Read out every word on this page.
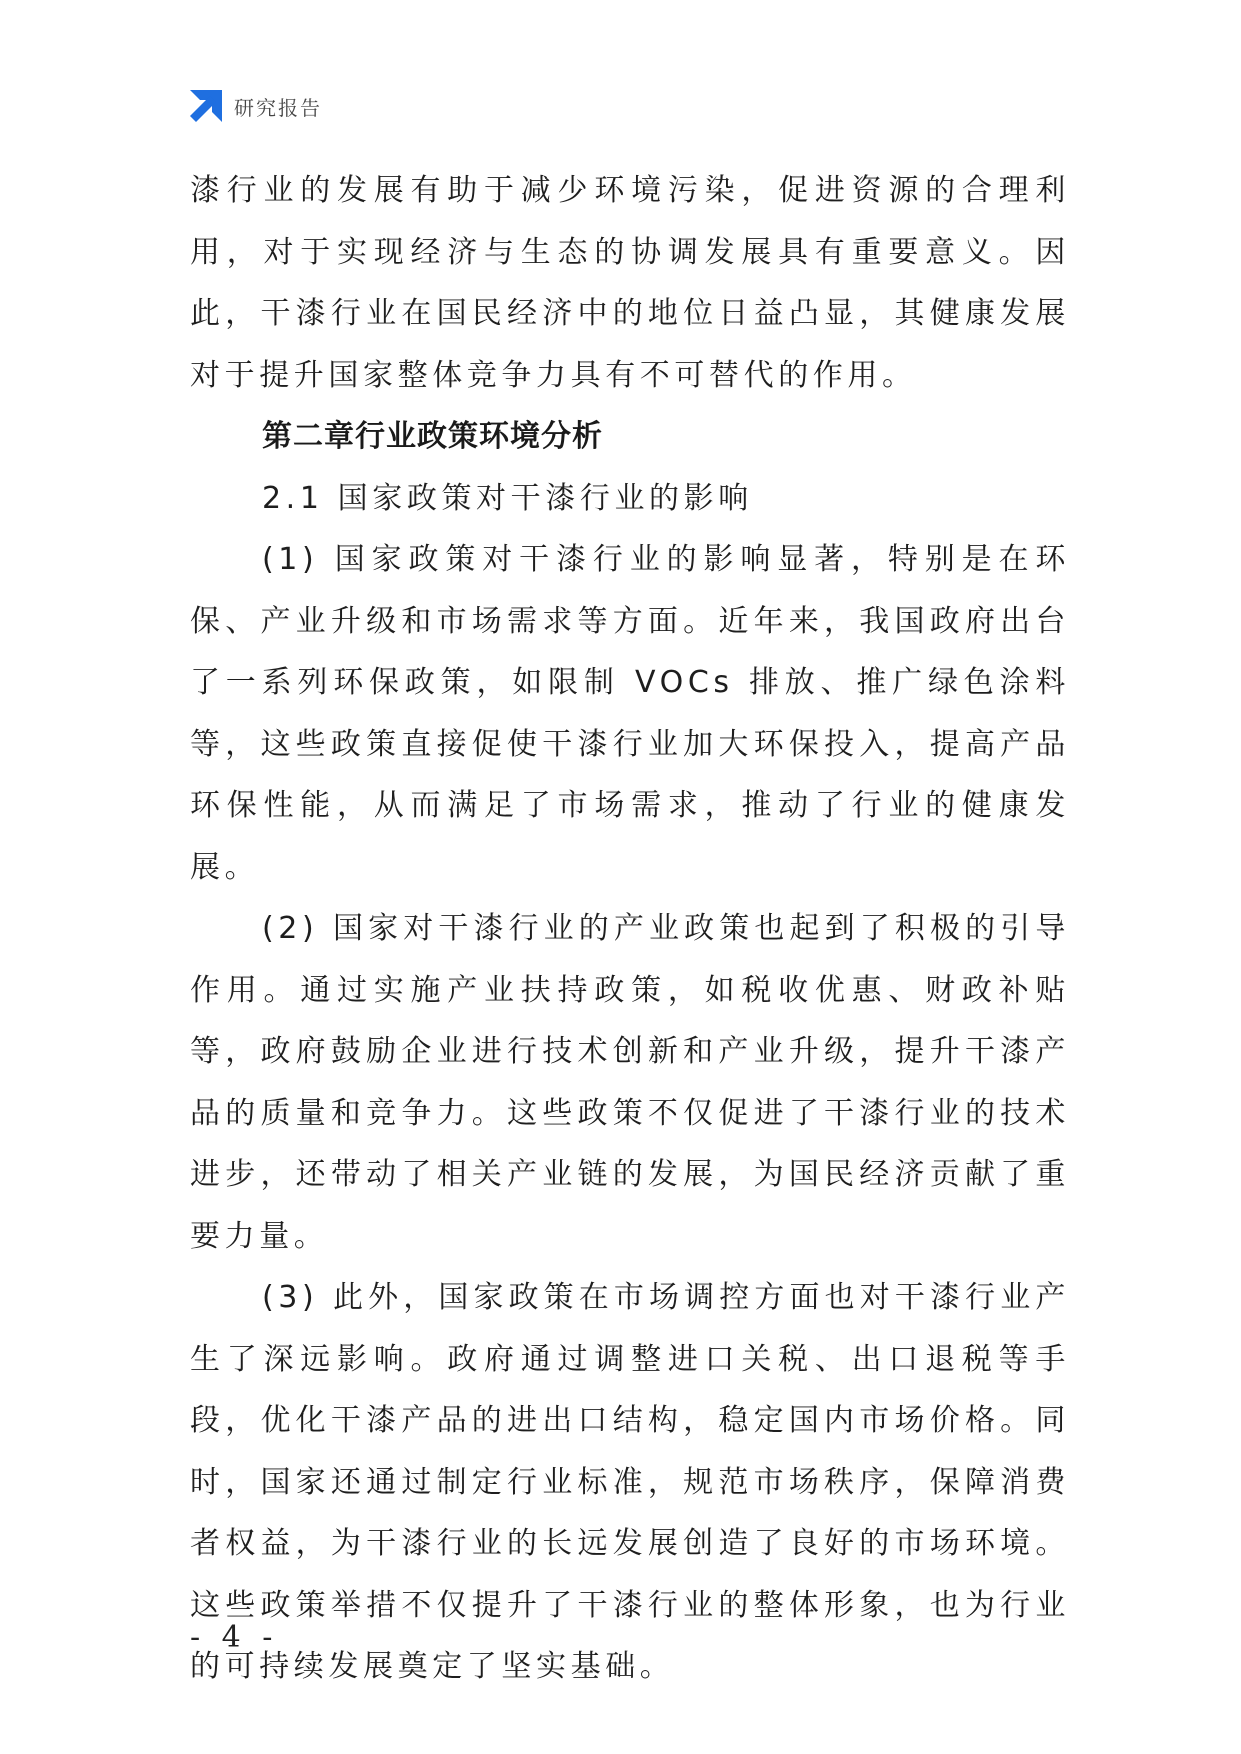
研究报告

漆行业的发展有助于减少环境污染，促进资源的合理利用，对于实现经济与生态的协调发展具有重要意义。因此，干漆行业在国民经济中的地位日益凸显，其健康发展对于提升国家整体竞争力具有不可替代的作用。

第二章行业政策环境分析

2.1 国家政策对干漆行业的影响

(1) 国家政策对干漆行业的影响显著，特别是在环保、产业升级和市场需求等方面。近年来，我国政府出台了一系列环保政策，如限制 VOCs 排放、推广绿色涂料等，这些政策直接促使干漆行业加大环保投入，提高产品环保性能，从而满足了市场需求，推动了行业的健康发展。

(2) 国家对干漆行业的产业政策也起到了积极的引导作用。通过实施产业扶持政策，如税收优惠、财政补贴等，政府鼓励企业进行技术创新和产业升级，提升干漆产品的质量和竞争力。这些政策不仅促进了干漆行业的技术进步，还带动了相关产业链的发展，为国民经济贡献了重要力量。

(3) 此外，国家政策在市场调控方面也对干漆行业产生了深远影响。政府通过调整进口关税、出口退税等手段，优化干漆产品的进出口结构，稳定国内市场价格。同时，国家还通过制定行业标准，规范市场秩序，保障消费者权益，为干漆行业的长远发展创造了良好的市场环境。这些政策举措不仅提升了干漆行业的整体形象，也为行业的可持续发展奠定了坚实基础。

- 4 -
